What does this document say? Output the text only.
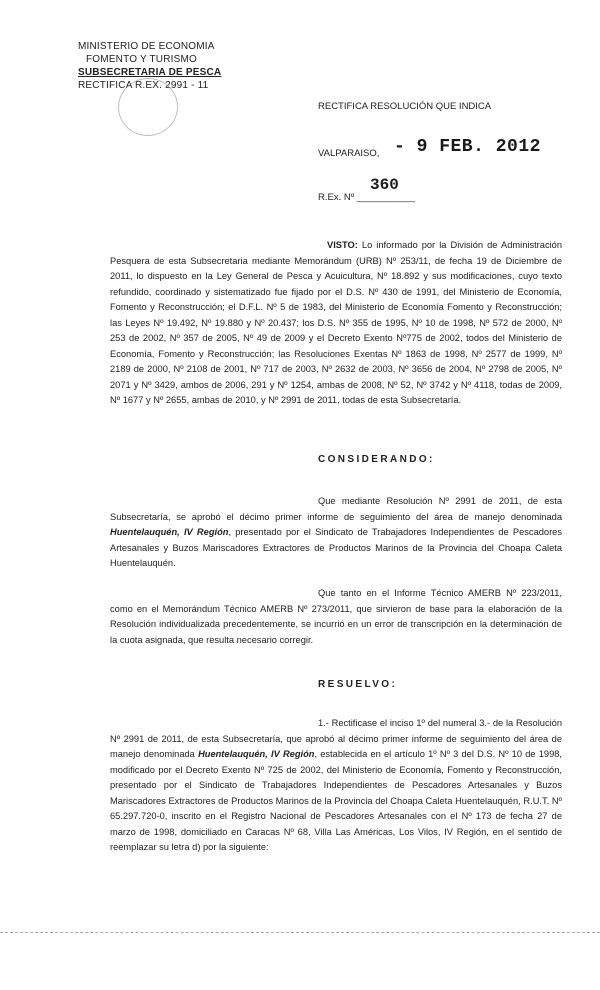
MINISTERIO DE ECONOMIA
FOMENTO Y TURISMO
SUBSECRETARIA DE PESCA
RECTIFICA R.EX. 2991 - 11
RECTIFICA RESOLUCIÓN QUE INDICA
VALPARAISO, - 9 FEB. 2012
360
R.Ex. Nº ___________
VISTO: Lo informado por la División de Administración Pesquera de esta Subsecretaria mediante Memorándum (URB) Nº 253/11, de fecha 19 de Diciembre de 2011, lo dispuesto en la Ley General de Pesca y Acuicultura, Nº 18.892 y sus modificaciones, cuyo texto refundido, coordinado y sistematizado fue fijado por el D.S. Nº 430 de 1991, del Ministerio de Economía, Fomento y Reconstrucción; el D.F.L. Nº 5 de 1983, del Ministerio de Economía Fomento y Reconstrucción; las Leyes Nº 19.492, Nº 19.880 y Nº 20.437; los D.S. Nº 355 de 1995, Nº 10 de 1998, Nº 572 de 2000, Nº 253 de 2002, Nº 357 de 2005, Nº 49 de 2009 y el Decreto Exento Nº775 de 2002, todos del Ministerio de Economía, Fomento y Reconstrucción; las Resoluciones Exentas Nº 1863 de 1998, Nº 2577 de 1999, Nº 2189 de 2000, Nº 2108 de 2001, Nº 717 de 2003, Nº 2632 de 2003, Nº 3656 de 2004, Nº 2798 de 2005, Nº 2071 y Nº 3429, ambos de 2006, 291 y Nº 1254, ambas de 2008, Nº 52, Nº 3742 y Nº 4118, todas de 2009, Nº 1677 y Nº 2655, ambas de 2010, y Nº 2991 de 2011, todas de esta Subsecretaría.
CONSIDERANDO:
Que mediante Resolución Nº 2991 de 2011, de esta Subsecretaría, se aprobó el décimo primer informe de seguimiento del área de manejo denominada Huentelauquén, IV Región, presentado por el Sindicato de Trabajadores Independientes de Pescadores Artesanales y Buzos Mariscadores Extractores de Productos Marinos de la Provincia del Choapa Caleta Huentelauquén.
Que tanto en el Informe Técnico AMERB Nº 223/2011, como en el Memorándum Técnico AMERB Nº 273/2011, que sirvieron de base para la elaboración de la Resolución individualizada precedentemente, se incurrió en un error de transcripción en la determinación de la cuota asignada, que resulta necesario corregir.
RESUELVO:
1.- Rectificase el inciso 1º del numeral 3.- de la Resolución Nº 2991 de 2011, de esta Subsecretaría, que aprobó al décimo primer informe de seguimiento del área de manejo denominada Huentelauquén, IV Región, establecida en el artículo 1º Nº 3 del D.S. Nº 10 de 1998, modificado por el Decreto Exento Nº 725 de 2002, del Ministerio de Economía, Fomento y Reconstrucción, presentado por el Sindicato de Trabajadores Independientes de Pescadores Artesanales y Buzos Mariscadores Extractores de Productos Marinos de la Provincia del Choapa Caleta Huentelauquén, R.U.T. Nº 65.297.720-0, inscrito en el Registro Nacional de Pescadores Artesanales con el Nº 173 de fecha 27 de marzo de 1998, domiciliado en Caracas Nº 68, Villa Las Américas, Los Vilos, IV Región, en el sentido de reemplazar su letra d) por la siguiente:
